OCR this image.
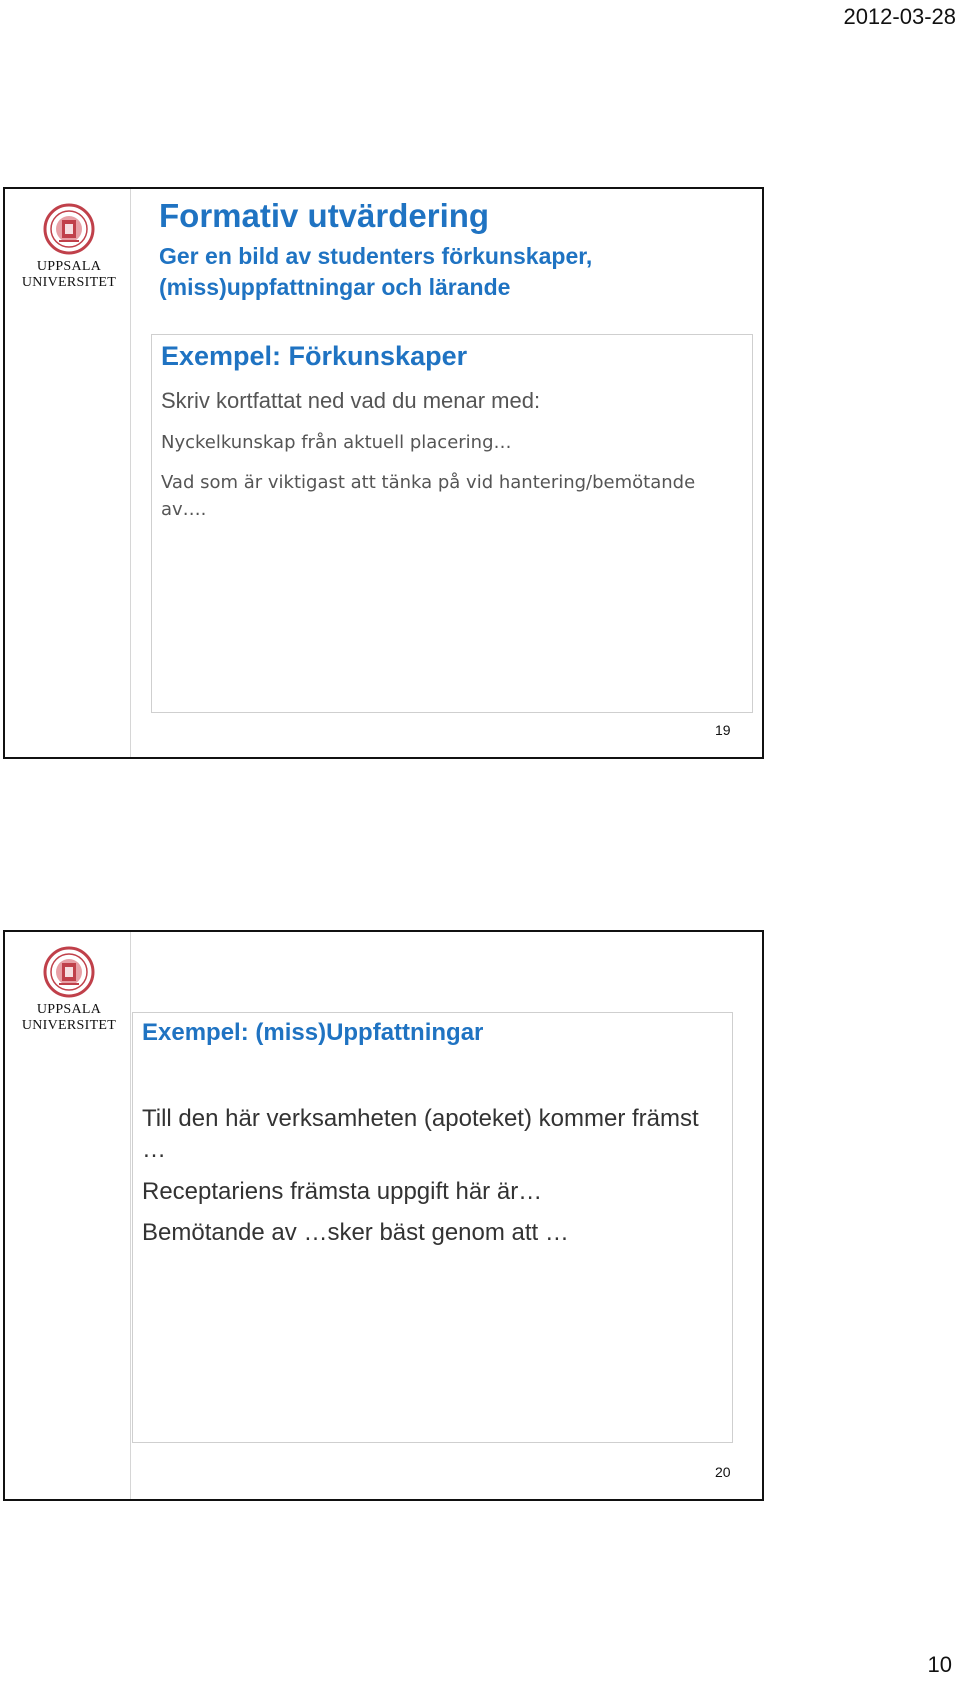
2012-03-28
UPPSALA
UNIVERSITET
Formativ utvärdering
Ger en bild av studenters förkunskaper, (miss)uppfattningar och lärande
Exempel: Förkunskaper
Skriv kortfattat ned vad du menar med:
Nyckelkunskap från aktuell placering…
Vad som är viktigast att tänka på vid hantering/bemötande av….
19
UPPSALA
UNIVERSITET Exempel: (miss)Uppfattningar
Till den här verksamheten (apoteket) kommer främst …
Receptariens främsta uppgift här är…
Bemötande av …sker bäst genom att …
20
10
